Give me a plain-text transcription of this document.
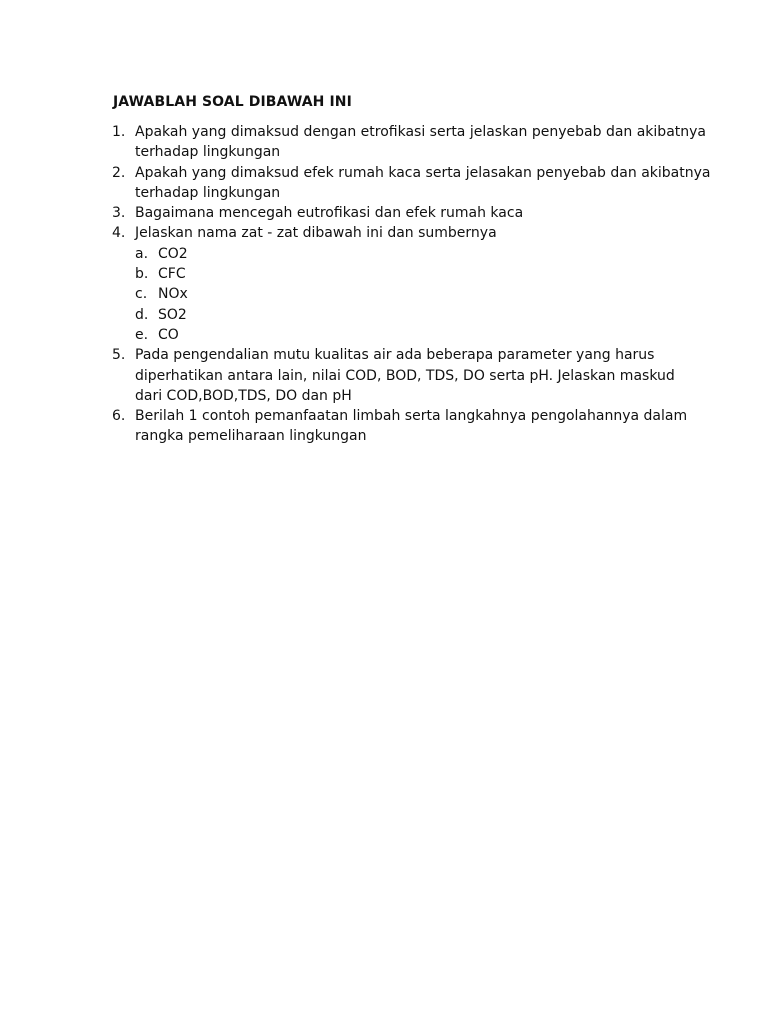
JAWABLAH SOAL DIBAWAH INI
1. Apakah yang dimaksud dengan etrofikasi serta jelaskan penyebab dan akibatnya
terhadap lingkungan
2. Apakah yang dimaksud efek rumah kaca serta jelasakan penyebab dan akibatnya
terhadap lingkungan
3. Bagaimana mencegah eutrofikasi dan efek rumah kaca
4. Jelaskan nama zat - zat dibawah ini dan sumbernya
a. CO2
b. CFC
c. NOx
d. SO2
e. CO
5. Pada pengendalian mutu kualitas air ada beberapa parameter yang harus
diperhatikan antara lain, nilai COD, BOD, TDS, DO serta pH. Jelaskan maskud
dari COD,BOD,TDS, DO dan pH
6. Berilah 1 contoh pemanfaatan limbah serta langkahnya pengolahannya dalam
rangka pemeliharaan lingkungan
